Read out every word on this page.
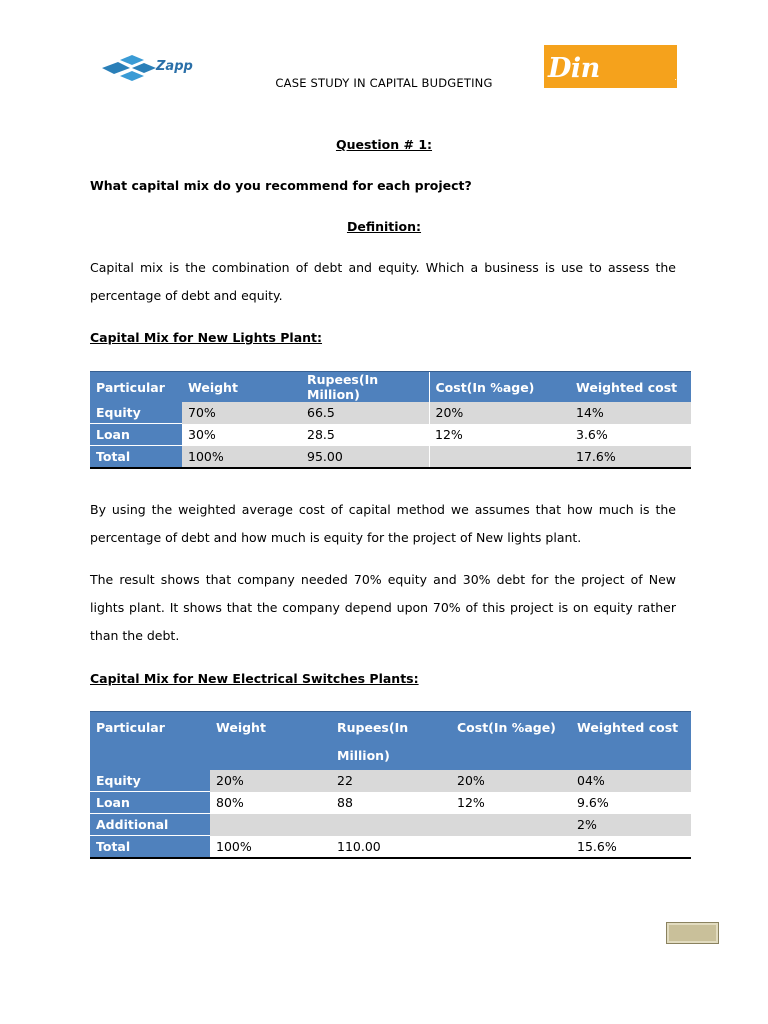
Zapp
Charagh Din	.com
CASE STUDY IN CAPITAL BUDGETING
Question # 1:
What capital mix do you recommend for each project?
Definition:
Capital mix is the combination of debt and equity. Which a business is use to assess the percentage of debt and equity.
Capital Mix for New Lights Plant:
Particular	Weight	Rupees(In Million)	Cost(In %age)	Weighted cost
Equity	70%	66.5	20%	14%
Loan	30%	28.5	12%	3.6%
Total	100%	95.00		17.6%
By using the weighted average cost of capital method we assumes that how much is the percentage of debt and how much is equity for the project of New lights plant.
The result shows that company needed 70% equity and 30% debt for the project of New lights plant. It shows that the company depend upon 70% of this project is on equity rather than the debt.
Capital Mix for New Electrical Switches Plants:
Particular	Weight	Rupees(In Million)	Cost(In %age)	Weighted cost
Equity	20%	22	20%	04%
Loan	80%	88	12%	9.6%
Additional				2%
Total	100%	110.00		15.6%
